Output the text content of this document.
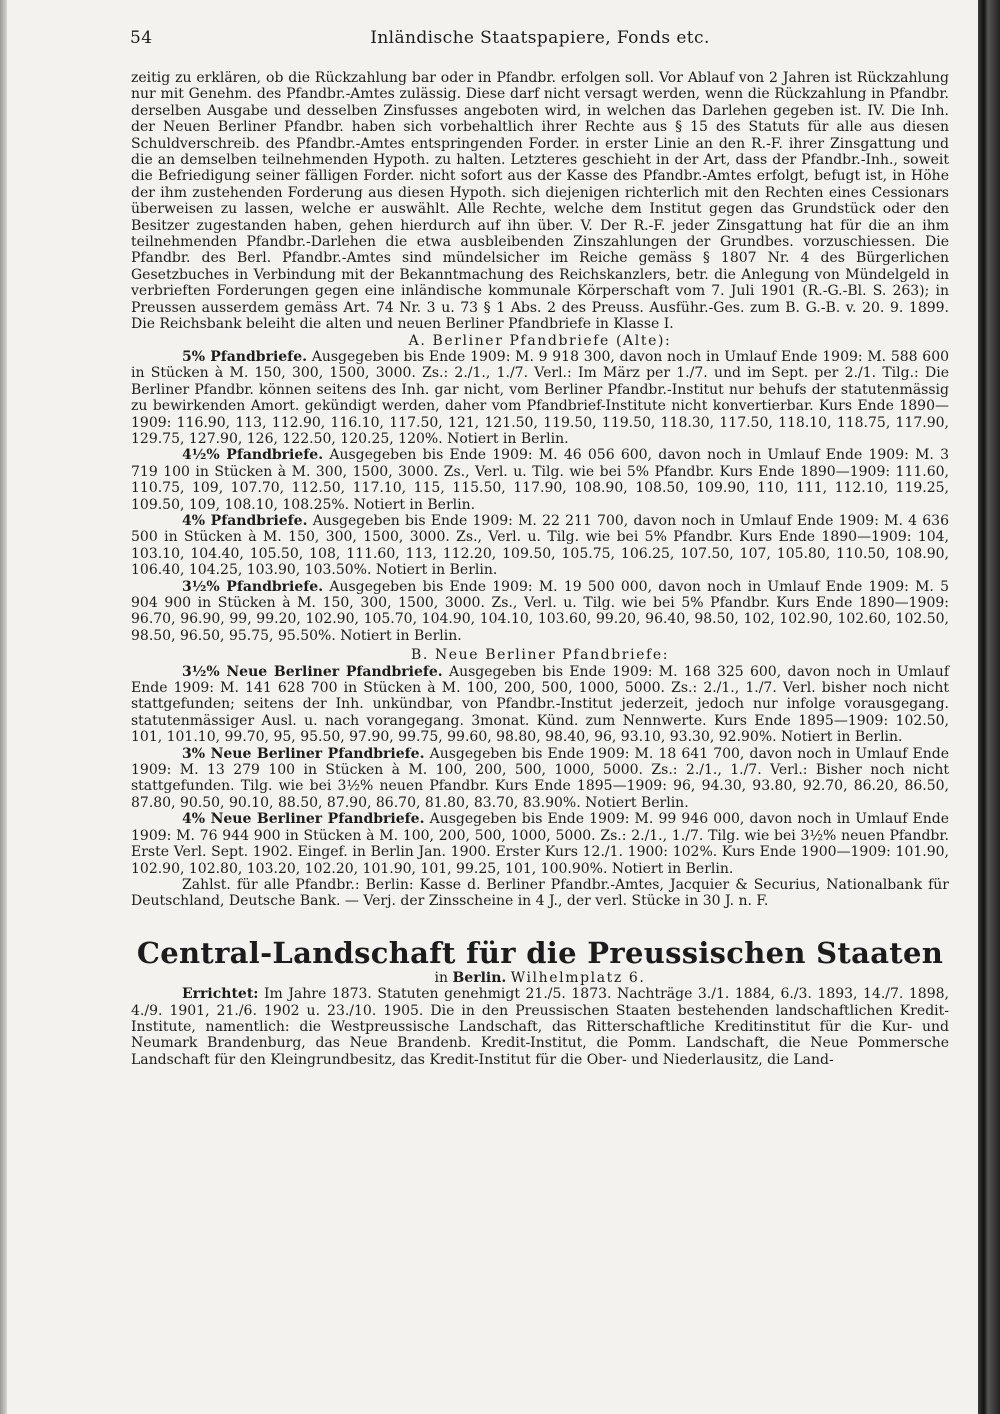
54	Inländische Staatspapiere, Fonds etc.

zeitig zu erklären, ob die Rückzahlung bar oder in Pfandbr. erfolgen soll. Vor Ablauf von 2 Jahren ist Rückzahlung nur mit Genehm. des Pfandbr.-Amtes zulässig. Diese darf nicht versagt werden, wenn die Rückzahlung in Pfandbr. derselben Ausgabe und desselben Zinsfusses angeboten wird, in welchen das Darlehen gegeben ist. IV. Die Inh. der Neuen Berliner Pfandbr. haben sich vorbehaltlich ihrer Rechte aus § 15 des Statuts für alle aus diesen Schuldverschreib. des Pfandbr.-Amtes entspringenden Forder. in erster Linie an den R.-F. ihrer Zinsgattung und die an demselben teilnehmenden Hypoth. zu halten. Letzteres geschieht in der Art, dass der Pfandbr.-Inh., soweit die Befriedigung seiner fälligen Forder. nicht sofort aus der Kasse des Pfandbr.-Amtes erfolgt, befugt ist, in Höhe der ihm zustehenden Forderung aus diesen Hypoth. sich diejenigen richterlich mit den Rechten eines Cessionars überweisen zu lassen, welche er auswählt. Alle Rechte, welche dem Institut gegen das Grundstück oder den Besitzer zugestanden haben, gehen hierdurch auf ihn über. V. Der R.-F. jeder Zinsgattung hat für die an ihm teilnehmenden Pfandbr.-Darlehen die etwa ausbleibenden Zinszahlungen der Grundbes. vorzuschiessen. Die Pfandbr. des Berl. Pfandbr.-Amtes sind mündelsicher im Reiche gemäss § 1807 Nr. 4 des Bürgerlichen Gesetzbuches in Verbindung mit der Bekanntmachung des Reichskanzlers, betr. die Anlegung von Mündelgeld in verbrieften Forderungen gegen eine inländische kommunale Körperschaft vom 7. Juli 1901 (R.-G.-Bl. S. 263); in Preussen ausserdem gemäss Art. 74 Nr. 3 u. 73 § 1 Abs. 2 des Preuss. Ausführ.-Ges. zum B. G.-B. v. 20. 9. 1899. Die Reichsbank beleiht die alten und neuen Berliner Pfandbriefe in Klasse I.

A. Berliner Pfandbriefe (Alte):

5% Pfandbriefe. Ausgegeben bis Ende 1909: M. 9 918 300, davon noch in Umlauf Ende 1909: M. 588 600 in Stücken à M. 150, 300, 1500, 3000. Zs.: 2./1., 1./7. Verl.: Im März per 1./7. und im Sept. per 2./1. Tilg.: Die Berliner Pfandbr. können seitens des Inh. gar nicht, vom Berliner Pfandbr.-Institut nur behufs der statutenmässig zu bewirkenden Amort. gekündigt werden, daher vom Pfandbrief-Institute nicht konvertierbar. Kurs Ende 1890—1909: 116.90, 113, 112.90, 116.10, 117.50, 121, 121.50, 119.50, 119.50, 118.30, 117.50, 118.10, 118.75, 117.90, 129.75, 127.90, 126, 122.50, 120.25, 120%. Notiert in Berlin.

4½% Pfandbriefe. Ausgegeben bis Ende 1909: M. 46 056 600, davon noch in Umlauf Ende 1909: M. 3 719 100 in Stücken à M. 300, 1500, 3000. Zs., Verl. u. Tilg. wie bei 5% Pfandbr. Kurs Ende 1890—1909: 111.60, 110.75, 109, 107.70, 112.50, 117.10, 115, 115.50, 117.90, 108.90, 108.50, 109.90, 110, 111, 112.10, 119.25, 109.50, 109, 108.10, 108.25%. Notiert in Berlin.

4% Pfandbriefe. Ausgegeben bis Ende 1909: M. 22 211 700, davon noch in Umlauf Ende 1909: M. 4 636 500 in Stücken à M. 150, 300, 1500, 3000. Zs., Verl. u. Tilg. wie bei 5% Pfandbr. Kurs Ende 1890—1909: 104, 103.10, 104.40, 105.50, 108, 111.60, 113, 112.20, 109.50, 105.75, 106.25, 107.50, 107, 105.80, 110.50, 108.90, 106.40, 104.25, 103.90, 103.50%. Notiert in Berlin.

3½% Pfandbriefe. Ausgegeben bis Ende 1909: M. 19 500 000, davon noch in Umlauf Ende 1909: M. 5 904 900 in Stücken à M. 150, 300, 1500, 3000. Zs., Verl. u. Tilg. wie bei 5% Pfandbr. Kurs Ende 1890—1909: 96.70, 96.90, 99, 99.20, 102.90, 105.70, 104.90, 104.10, 103.60, 99.20, 96.40, 98.50, 102, 102.90, 102.60, 102.50, 98.50, 96.50, 95.75, 95.50%. Notiert in Berlin.

B. Neue Berliner Pfandbriefe:

3½% Neue Berliner Pfandbriefe. Ausgegeben bis Ende 1909: M. 168 325 600, davon noch in Umlauf Ende 1909: M. 141 628 700 in Stücken à M. 100, 200, 500, 1000, 5000. Zs.: 2./1., 1./7. Verl. bisher noch nicht stattgefunden; seitens der Inh. unkündbar, von Pfandbr.-Institut jederzeit, jedoch nur infolge vorausgegang. statutenmässiger Ausl. u. nach vorangegang. 3monat. Künd. zum Nennwerte. Kurs Ende 1895—1909: 102.50, 101, 101.10, 99.70, 95, 95.50, 97.90, 99.75, 99.60, 98.80, 98.40, 96, 93.10, 93.30, 92.90%. Notiert in Berlin.

3% Neue Berliner Pfandbriefe. Ausgegeben bis Ende 1909: M. 18 641 700, davon noch in Umlauf Ende 1909: M. 13 279 100 in Stücken à M. 100, 200, 500, 1000, 5000. Zs.: 2./1., 1./7. Verl.: Bisher noch nicht stattgefunden. Tilg. wie bei 3½% neuen Pfandbr. Kurs Ende 1895—1909: 96, 94.30, 93.80, 92.70, 86.20, 86.50, 87.80, 90.50, 90.10, 88.50, 87.90, 86.70, 81.80, 83.70, 83.90%. Notiert Berlin.

4% Neue Berliner Pfandbriefe. Ausgegeben bis Ende 1909: M. 99 946 000, davon noch in Umlauf Ende 1909: M. 76 944 900 in Stücken à M. 100, 200, 500, 1000, 5000. Zs.: 2./1., 1./7. Tilg. wie bei 3½% neuen Pfandbr. Erste Verl. Sept. 1902. Eingef. in Berlin Jan. 1900. Erster Kurs 12./1. 1900: 102%. Kurs Ende 1900—1909: 101.90, 102.90, 102.80, 103.20, 102.20, 101.90, 101, 99.25, 101, 100.90%. Notiert in Berlin.

Zahlst. für alle Pfandbr.: Berlin: Kasse d. Berliner Pfandbr.-Amtes, Jacquier & Securius, Nationalbank für Deutschland, Deutsche Bank. — Verj. der Zinsscheine in 4 J., der verl. Stücke in 30 J. n. F.

Central-Landschaft für die Preussischen Staaten

in Berlin. Wilhelmplatz 6.

Errichtet: Im Jahre 1873. Statuten genehmigt 21./5. 1873. Nachträge 3./1. 1884, 6./3. 1893, 14./7. 1898, 4./9. 1901, 21./6. 1902 u. 23./10. 1905. Die in den Preussischen Staaten bestehenden landschaftlichen Kredit-Institute, namentlich: die Westpreussische Landschaft, das Ritterschaftliche Kreditinstitut für die Kur- und Neumark Brandenburg, das Neue Brandenb. Kredit-Institut, die Pomm. Landschaft, die Neue Pommersche Landschaft für den Kleingrundbesitz, das Kredit-Institut für die Ober- und Niederlausitz, die Land-
